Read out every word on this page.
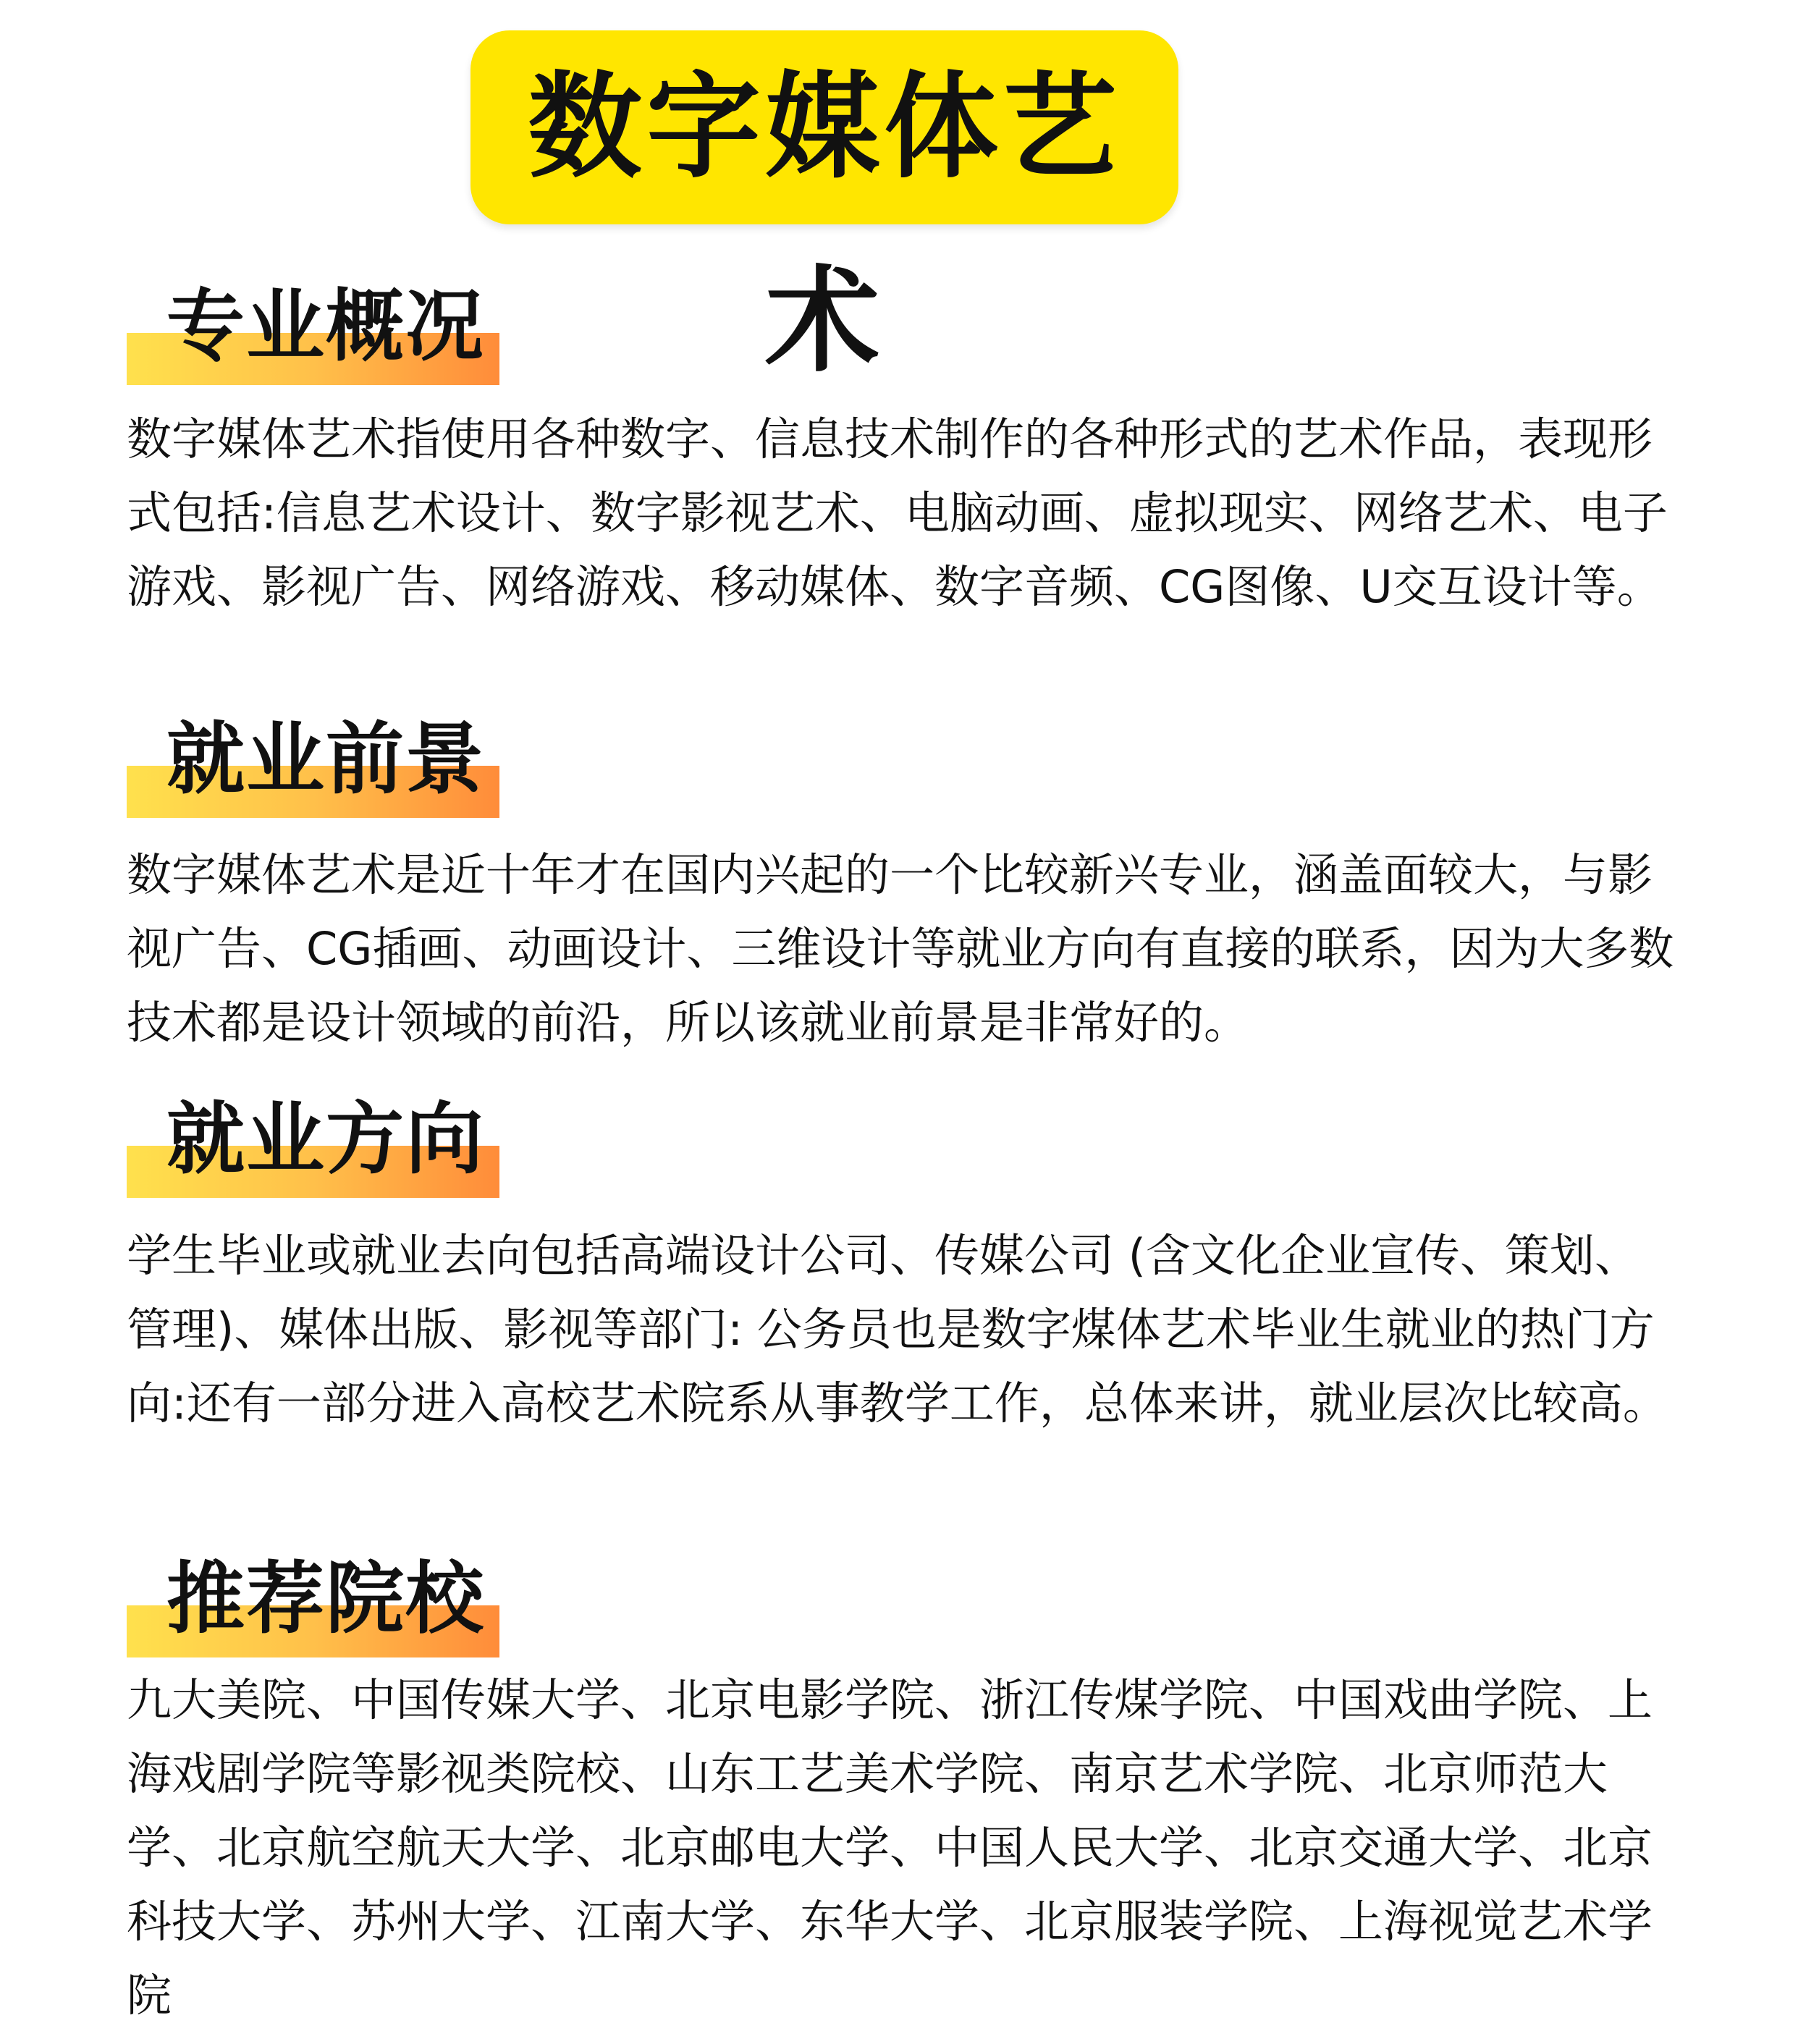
数字媒体艺术
专业概况
数字媒体艺术指使用各种数字、信息技术制作的各种形式的艺术作品，表现形式包括:信息艺术设计、数字影视艺术、电脑动画、虚拟现实、网络艺术、电子游戏、影视广告、网络游戏、移动媒体、数字音频、CG图像、U交互设计等。
就业前景
数字媒体艺术是近十年才在国内兴起的一个比较新兴专业，涵盖面较大，与影视广告、CG插画、动画设计、三维设计等就业方向有直接的联系，因为大多数技术都是设计领域的前沿，所以该就业前景是非常好的。
就业方向
学生毕业或就业去向包括高端设计公司、传媒公司 (含文化企业宣传、策划、管理)、媒体出版、影视等部门: 公务员也是数字煤体艺术毕业生就业的热门方向:还有一部分进入高校艺术院系从事教学工作，总体来讲，就业层次比较高。
推荐院校
九大美院、中国传媒大学、北京电影学院、浙江传煤学院、中国戏曲学院、上海戏剧学院等影视类院校、山东工艺美术学院、南京艺术学院、北京师范大学、北京航空航天大学、北京邮电大学、中国人民大学、北京交通大学、北京科技大学、苏州大学、江南大学、东华大学、北京服装学院、上海视觉艺术学院
